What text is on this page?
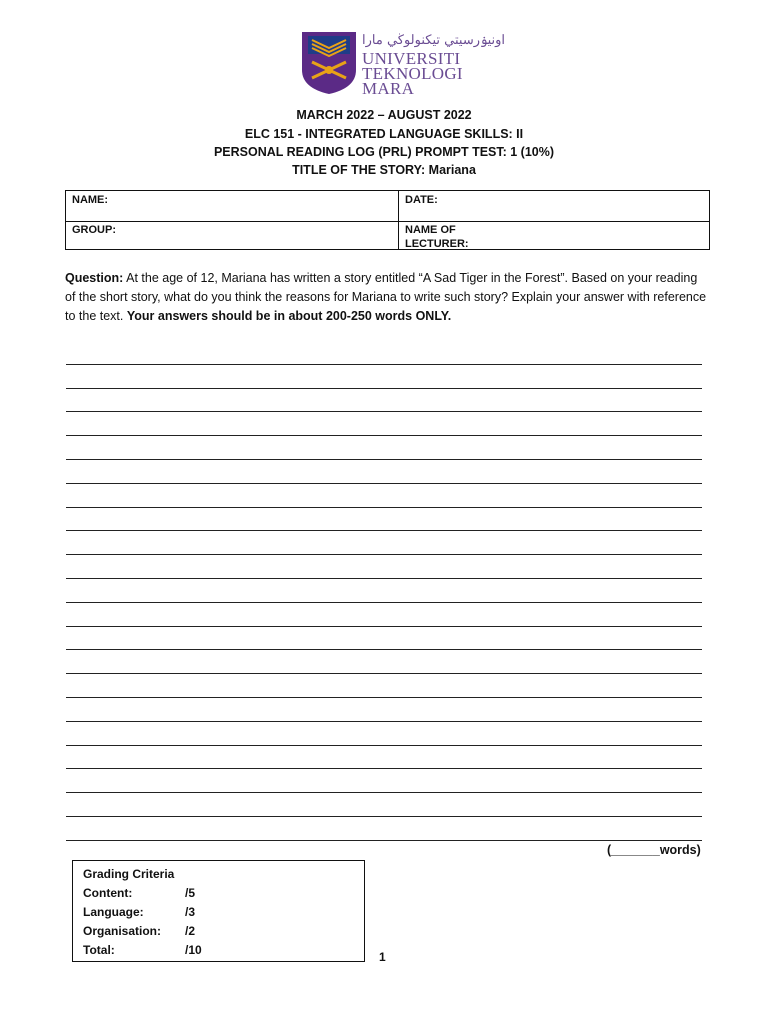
اونيۏرسيتي تيكنولوڬي مارا
UNIVERSITI
TEKNOLOGI
MARA
MARCH 2022 – AUGUST 2022
ELC 151 - INTEGRATED LANGUAGE SKILLS: II
PERSONAL READING LOG (PRL) PROMPT TEST: 1 (10%)
TITLE OF THE STORY: Mariana
NAME:	DATE:
GROUP:	NAME OF
LECTURER:
Question: At the age of 12, Mariana has written a story entitled “A Sad Tiger in the Forest”. Based on your reading of the short story, what do you think the reasons for Mariana to write such story? Explain your answer with reference to the text. Your answers should be in about 200-250 words ONLY.
(_______words)
Grading Criteria
Content:	/5
Language:	/3
Organisation: /2
Total:	/10	1
